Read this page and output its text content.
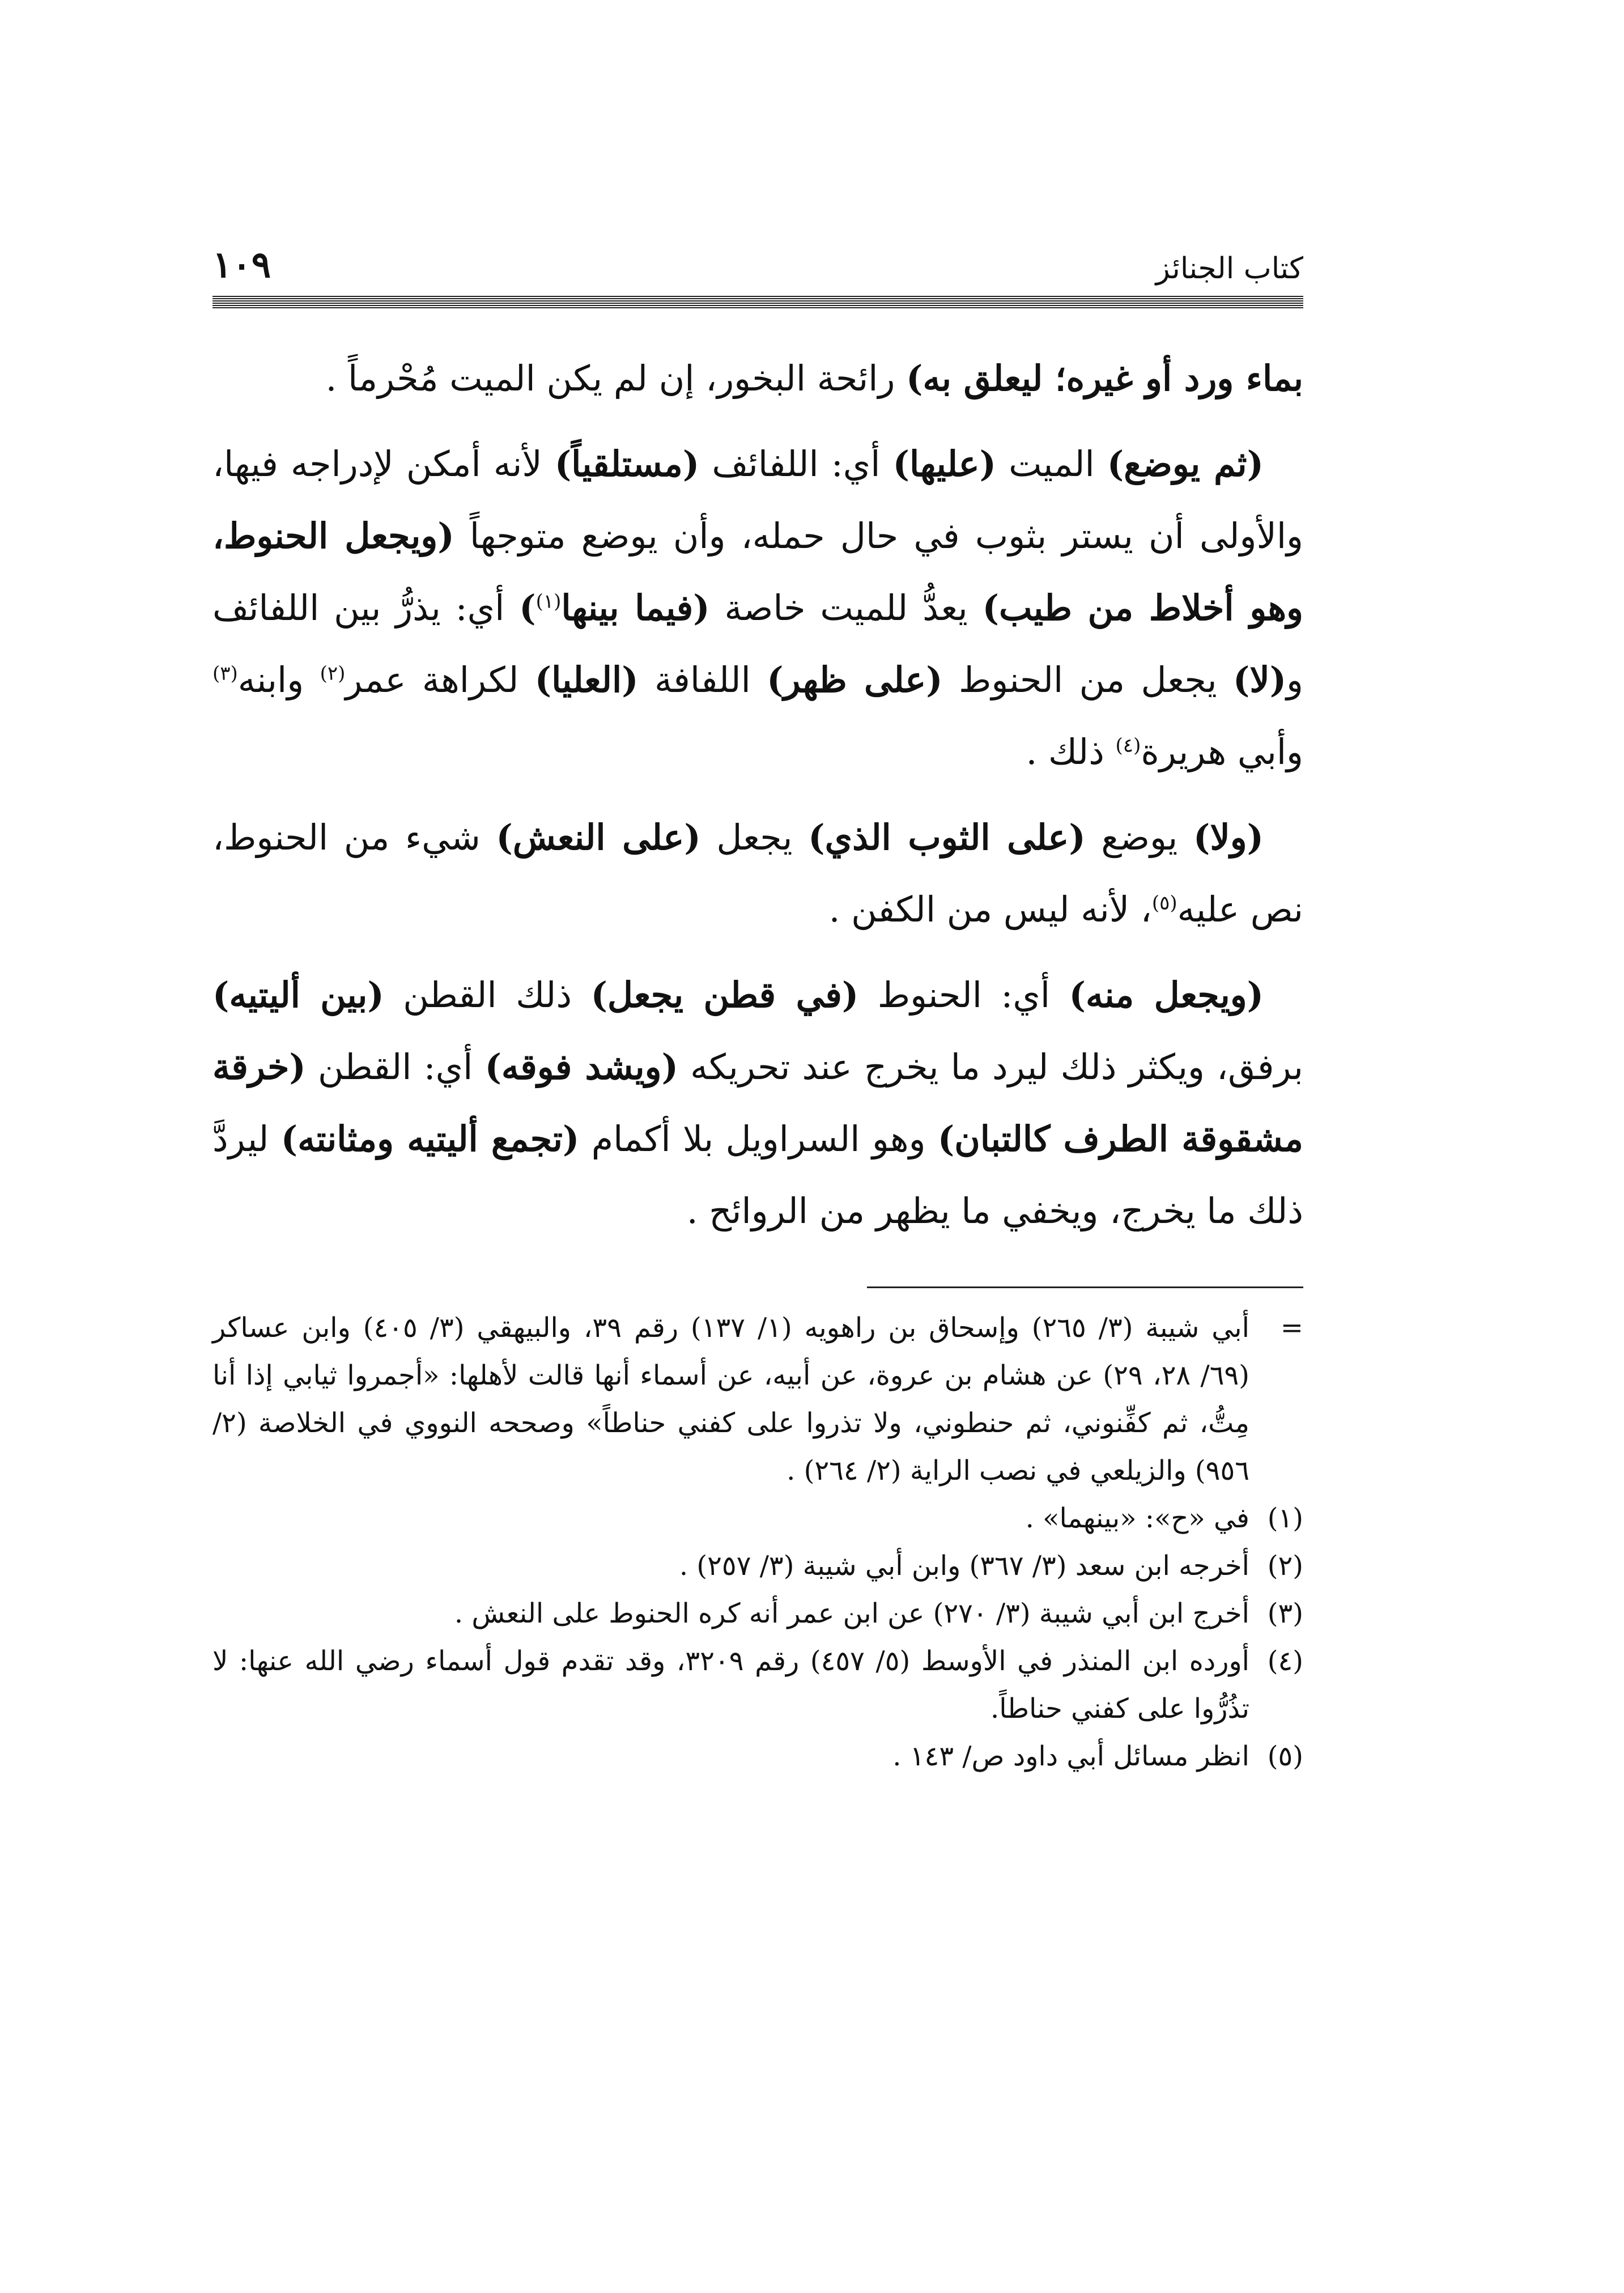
كتاب الجنائز
١٠٩

بماء ورد أو غيره؛ ليعلق به) رائحة البخور، إن لم يكن الميت مُحْرماً .

(ثم يوضع) الميت (عليها) أي: اللفائف (مستلقياً) لأنه أمكن لإدراجه فيها، والأولى أن يستر بثوب في حال حمله، وأن يوضع متوجهاً (ويجعل الحنوط، وهو أخلاط من طيب) يعدُّ للميت خاصة (فيما بينها$^{(١)}$) أي: يذرُّ بين اللفائف و(لا) يجعل من الحنوط (على ظهر) اللفافة (العليا) لكراهة عمر$^{(٢)}$ وابنه$^{(٣)}$ وأبي هريرة$^{(٤)}$ ذلك .

(ولا) يوضع (على الثوب الذي) يجعل (على النعش) شيء من الحنوط، نص عليه$^{(٥)}$، لأنه ليس من الكفن .

(ويجعل منه) أي: الحنوط (في قطن يجعل) ذلك القطن (بين أليتيه) برفق، ويكثر ذلك ليرد ما يخرج عند تحريكه (ويشد فوقه) أي: القطن (خرقة مشقوقة الطرف كالتبان) وهو السراويل بلا أكمام (تجمع أليتيه ومثانته) ليردَّ ذلك ما يخرج، ويخفي ما يظهر من الروائح .

=
أبي شيبة (٣/ ٢٦٥) وإسحاق بن راهويه (١/ ١٣٧) رقم ٣٩، والبيهقي (٣/ ٤٠٥) وابن عساكر (٦٩/ ٢٨، ٢٩) عن هشام بن عروة، عن أبيه، عن أسماء أنها قالت لأهلها: «أجمروا ثيابي إذا أنا مِتُّ، ثم كفِّنوني، ثم حنطوني، ولا تذروا على كفني حناطاً» وصححه النووي في الخلاصة (٢/ ٩٥٦) والزيلعي في نصب الراية (٢/ ٢٦٤) .
(١)
في «ح»: «بينهما» .
(٢)
أخرجه ابن سعد (٣/ ٣٦٧) وابن أبي شيبة (٣/ ٢٥٧) .
(٣)
أخرج ابن أبي شيبة (٣/ ٢٧٠) عن ابن عمر أنه كره الحنوط على النعش .
(٤)
أورده ابن المنذر في الأوسط (٥/ ٤٥٧) رقم ٣٢٠٩، وقد تقدم قول أسماء رضي الله عنها: لا تذُرُّوا على كفني حناطاً.
(٥)
انظر مسائل أبي داود ص/ ١٤٣ .
